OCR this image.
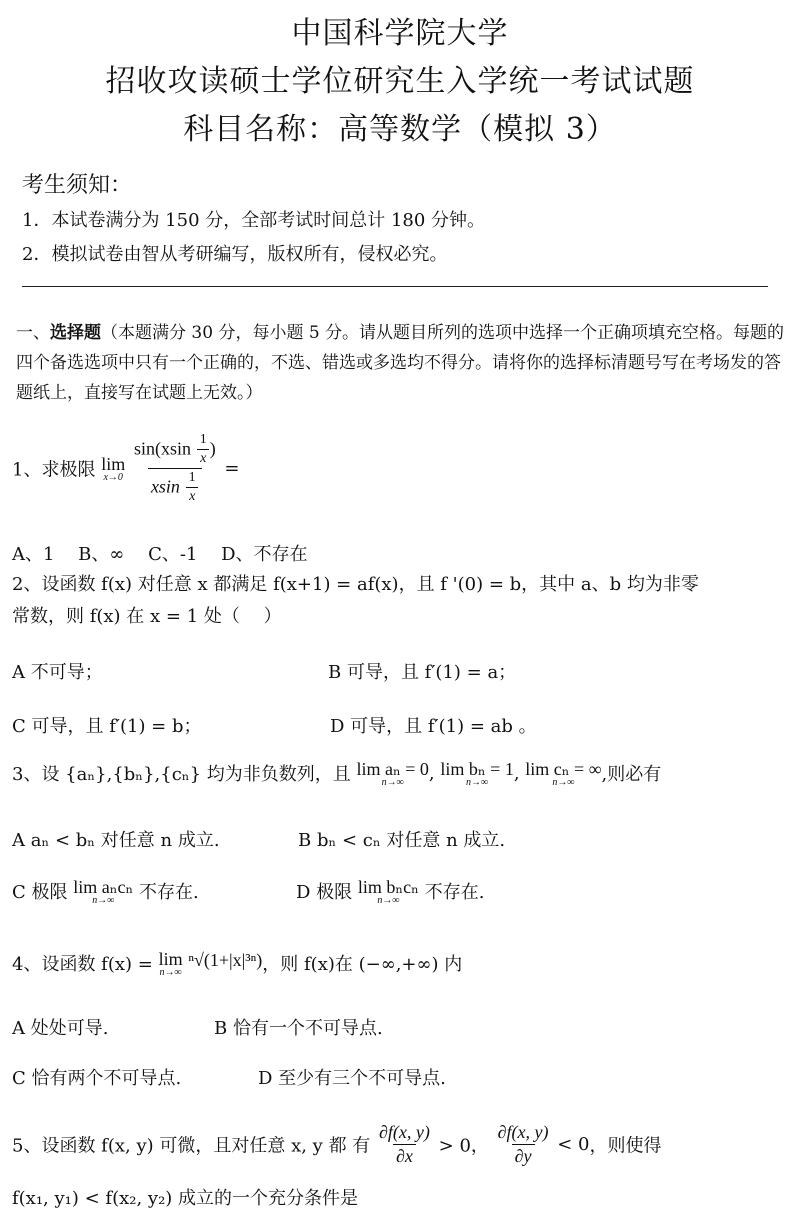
中国科学院大学
招收攻读硕士学位研究生入学统一考试试题
科目名称：高等数学（模拟 3）
考生须知：
1．本试卷满分为 150 分，全部考试时间总计 180 分钟。
2．模拟试卷由智从考研编写，版权所有，侵权必究。
一、选择题（本题满分 30 分，每小题 5 分。请从题目所列的选项中选择一个正确项填充空格。每题的四个备选选项中只有一个正确的，不选、错选或多选均不得分。请将你的选择标清题号写在考场发的答题纸上，直接写在试题上无效。）
1、求极限 lim
x→0
$\frac{\sin(xsin \frac{1}{x} )}{xsin \frac{1}{x}}$ =
A、1　 B、∞　 C、-1　 D、不存在
2、设函数 f(x) 对任意 x 都满足 f(x+1) = af(x)，且 f '(0) = b，其中 a、b 均为非零
常数，则 f(x) 在 x = 1 处（　 ）
A 不可导；	B 可导，且 f′(1) = a；
C 可导，且 f′(1) = b；	D 可导，且 f′(1) = ab 。
3、设 {aₙ},{bₙ},{cₙ} 均为非负数列，且 lim aₙ = 0
n→∞ , lim bₙ = 1
n→∞ , lim cₙ = ∞
n→∞ ,则必有
A aₙ < bₙ 对任意 n 成立.	B bₙ < cₙ 对任意 n 成立.
C 极限 lim aₙcₙ
n→∞ 不存在.	D 极限 lim bₙcₙ
n→∞ 不存在.
4、设函数 f(x) = lim
n→∞
ⁿ√(1+|x|³ⁿ)，则 f(x)在 (−∞,+∞) 内
A 处处可导.	B 恰有一个不可导点.
C 恰有两个不可导点.	D 至少有三个不可导点.
5、设函数 f(x, y) 可微，且对任意 x, y 都 有 $\frac{\partial f(x, y)}{\partial x} > 0$， $\frac{\partial f(x, y)}{\partial y} < 0$，则使得
f(x₁, y₁) < f(x₂, y₂) 成立的一个充分条件是
